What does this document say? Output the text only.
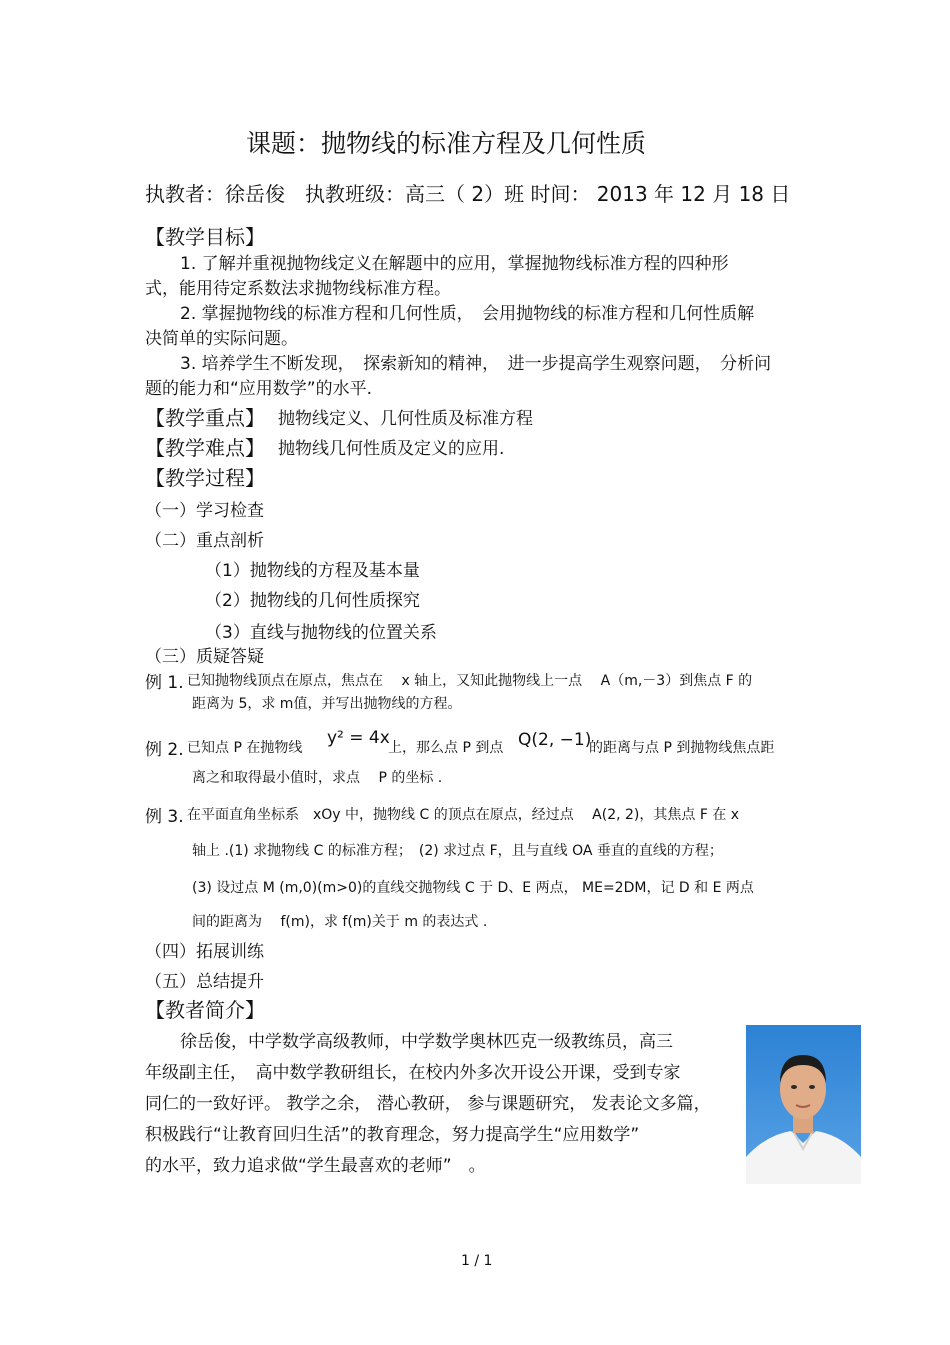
课题：抛物线的标准方程及几何性质
执教者：徐岳俊　执教班级：高三（ 2）班 时间： 2013 年 12 月 18 日
【教学目标】
1. 了解并重视抛物线定义在解题中的应用，掌握抛物线标准方程的四种形
式，能用待定系数法求抛物线标准方程。
2. 掌握抛物线的标准方程和几何性质，　会用抛物线的标准方程和几何性质解
决简单的实际问题。
3. 培养学生不断发现，　探索新知的精神，　进一步提高学生观察问题，　分析问
题的能力和“应用数学”的水平.
【教学重点】 抛物线定义、几何性质及标准方程
【教学难点】 抛物线几何性质及定义的应用.
【教学过程】
（一）学习检查
（二）重点剖析
（1）抛物线的方程及基本量
（2）抛物线的几何性质探究
（3）直线与抛物线的位置关系
（三）质疑答疑
例 1. 已知抛物线顶点在原点，焦点在　 x 轴上，又知此抛物线上一点　 A（m,－3）到焦点 F 的
距离为 5，求 m值，并写出抛物线的方程。
例 2. 已知点 P 在抛物线 y² = 4x
上，那么点 P 到点 Q(2, −1)
的距离与点 P 到抛物线焦点距
离之和取得最小值时，求点　 P 的坐标 .
例 3. 在平面直角坐标系　xOy 中，抛物线 C 的顶点在原点，经过点　 A(2, 2)，其焦点 F 在 x
轴上 .(1) 求抛物线 C 的标准方程；　(2) 求过点 F，且与直线 OA 垂直的直线的方程；
(3) 设过点 M (m,0)(m>0)的直线交抛物线 C 于 D、E 两点， ME=2DM，记 D 和 E 两点
间的距离为　 f(m)，求 f(m)关于 m 的表达式 .
（四）拓展训练
（五）总结提升
【教者简介】
徐岳俊，中学数学高级教师，中学数学奥林匹克一级教练员，高三
年级副主任，　高中数学教研组长，在校内外多次开设公开课，受到专家
同仁的一致好评。 教学之余， 潜心教研， 参与课题研究， 发表论文多篇，
积极践行“让教育回归生活”的教育理念，努力提高学生“应用数学”
的水平，致力追求做“学生最喜欢的老师”　。
1 / 1
